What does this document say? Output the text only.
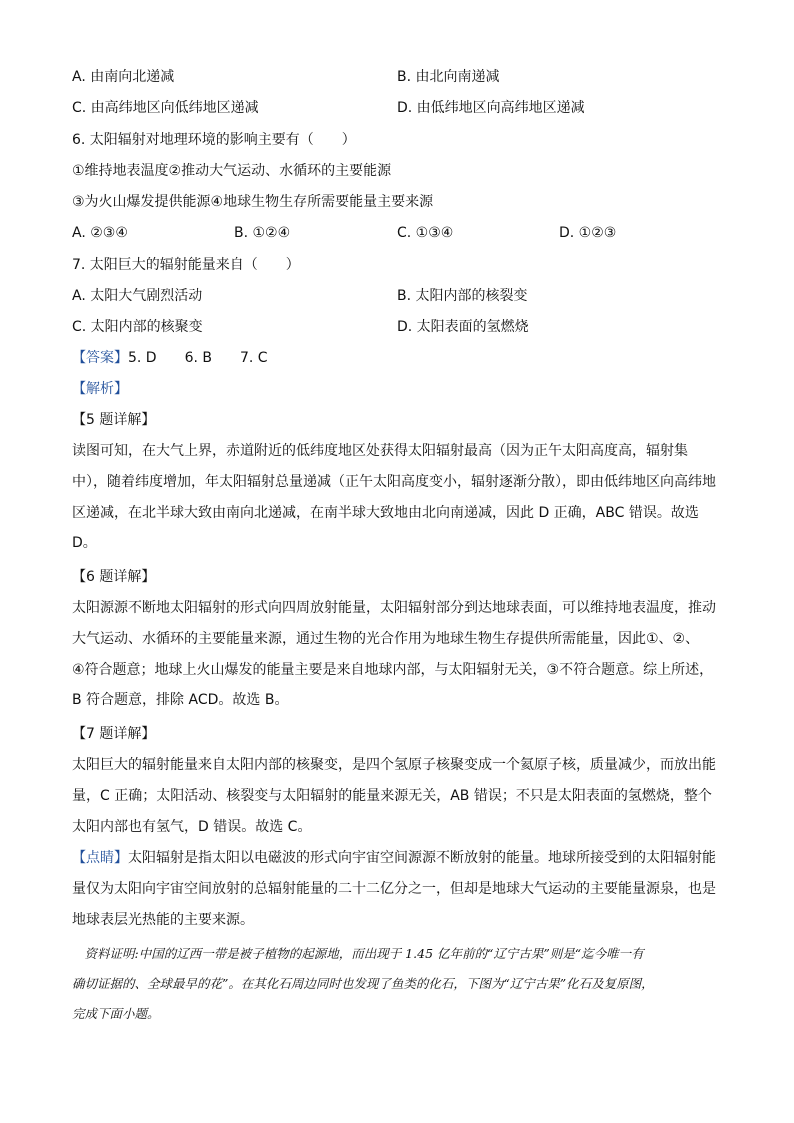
A. 由南向北递减	B. 由北向南递减
C. 由高纬地区向低纬地区递减	D. 由低纬地区向高纬地区递减
6. 太阳辐射对地理环境的影响主要有（　　）
①维持地表温度②推动大气运动、水循环的主要能源
③为火山爆发提供能源④地球生物生存所需要能量主要来源
A. ②③④	B. ①②④	C. ①③④	D. ①②③
7. 太阳巨大的辐射能量来自（　　）
A. 太阳大气剧烈活动	B. 太阳内部的核裂变
C. 太阳内部的核聚变	D. 太阳表面的氢燃烧
【答案】5. D　　6. B　　7. C
【解析】
【5 题详解】
读图可知，在大气上界，赤道附近的低纬度地区处获得太阳辐射最高（因为正午太阳高度高，辐射集
中），随着纬度增加，年太阳辐射总量递减（正午太阳高度变小，辐射逐渐分散），即由低纬地区向高纬地
区递减，在北半球大致由南向北递减，在南半球大致地由北向南递减，因此 D 正确，ABC 错误。故选
D。
【6 题详解】
太阳源源不断地太阳辐射的形式向四周放射能量，太阳辐射部分到达地球表面，可以维持地表温度，推动
大气运动、水循环的主要能量来源，通过生物的光合作用为地球生物生存提供所需能量，因此①、②、
④符合题意；地球上火山爆发的能量主要是来自地球内部，与太阳辐射无关，③不符合题意。综上所述，
B 符合题意，排除 ACD。故选 B。
【7 题详解】
太阳巨大的辐射能量来自太阳内部的核聚变，是四个氢原子核聚变成一个氦原子核，质量减少，而放出能
量，C 正确；太阳活动、核裂变与太阳辐射的能量来源无关，AB 错误；不只是太阳表面的氢燃烧，整个
太阳内部也有氢气，D 错误。故选 C。
【点睛】太阳辐射是指太阳以电磁波的形式向宇宙空间源源不断放射的能量。地球所接受到的太阳辐射能
量仅为太阳向宇宙空间放射的总辐射能量的二十二亿分之一，但却是地球大气运动的主要能量源泉，也是
地球表层光热能的主要来源。
　资料证明:中国的辽西一带是被子植物的起源地，而出现于 1.45 亿年前的“辽宁古果”则是“迄今唯一有
确切证据的、全球最早的花”。在其化石周边同时也发现了鱼类的化石，下图为“辽宁古果”化石及复原图，
完成下面小题。
